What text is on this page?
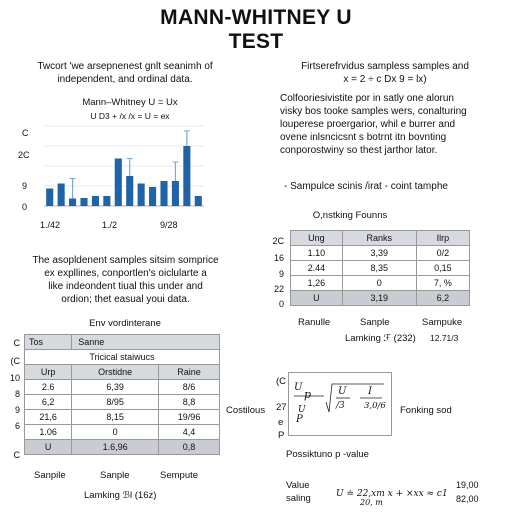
MANN-WHITNEY U
TEST
Twcort 'we arsepnenest gnlt seanimh of
independent, and ordinal data.
Firtserefrvidus sampless samples and
x = 2 ÷ c Dx 9 = lx)
Colfooriesivistite por in satly one alorun
visky bos tooke samples wers, conalturing
louperese proergarior, whil e burrer and
ovene inlsncicsnt s botrnt itn bovnting
conporostwiny so thest jarthor lator.
- Sampulce scinis /irat - coint tamphe
Mann–Whitney U = Ux
U D3 + /x /x = U = ex
C
2C
9
0
1./42	1./2	9/28
The asopldenent samples sitsim somprice
ex expllines, conportlen's oiclularte a
like indeondent tiual this under and
ordion; thet easual youi data.
O,nstking Founns
2C
16
9
22
0
Ung	Ranks	Ilrp
1.10	3,39	0/2
2.44	8,35	0,15
1,26	0	7, %
U	3,19	6,2
Ranulle	Sanple	Sampuke
Lamking ℱ (232) 12.71/3
Env vordinterane
C
(C
10
8
9
6
C
Tos	Sanne	
Tricical staiwucs		
Urp	Orstidne	Raine
2.6	6,39	8/6
6,2	8/95	8,8
21,6	8,15	19/96
1.06	0	4,4
U	1.6,96	0,8
Sanpile	Sanple	Sempute
Lamking ℬl (16z)
Costilous	Fonking sod
(C
27
e
P
U
p
U
P
U
/3
I
3,0/6
Possiktuno p -value
Value
saling	U ≐ 22,xm x + ×xx ≈ c1
20, m
19,00
82,00
